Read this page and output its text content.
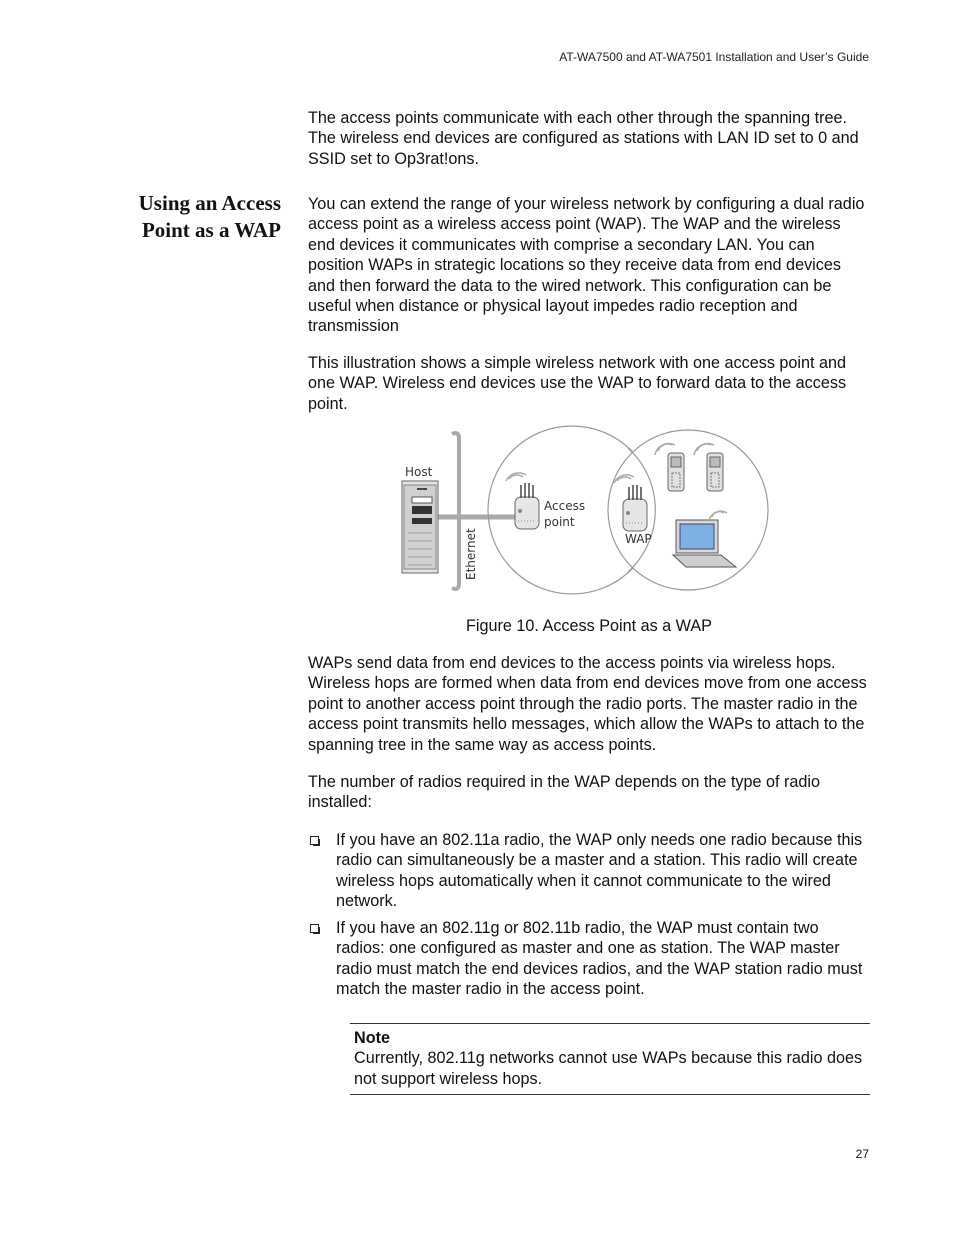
AT-WA7500 and AT-WA7501 Installation and User’s Guide

The access points communicate with each other through the spanning tree. The wireless end devices are configured as stations with LAN ID set to 0 and SSID set to Op3rat!ons.

Using an Access Point as a WAP

You can extend the range of your wireless network by configuring a dual radio access point as a wireless access point (WAP). The WAP and the wireless end devices it communicates with comprise a secondary LAN. You can position WAPs in strategic locations so they receive data from end devices and then forward the data to the wired network. This configuration can be useful when distance or physical layout impedes radio reception and transmission

This illustration shows a simple wireless network with one access point and one WAP. Wireless end devices use the WAP to forward data to the access point.

Host
Ethernet
Access
point
WAP
Figure 10. Access Point as a WAP

WAPs send data from end devices to the access points via wireless hops. Wireless hops are formed when data from end devices move from one access point to another access point through the radio ports. The master radio in the access point transmits hello messages, which allow the WAPs to attach to the spanning tree in the same way as access points.

The number of radios required in the WAP depends on the type of radio installed:

If you have an 802.11a radio, the WAP only needs one radio because this radio can simultaneously be a master and a station. This radio will create wireless hops automatically when it cannot communicate to the wired network.
If you have an 802.11g or 802.11b radio, the WAP must contain two radios: one configured as master and one as station. The WAP master radio must match the end devices radios, and the WAP station radio must match the master radio in the access point.
Note
Currently, 802.11g networks cannot use WAPs because this radio does not support wireless hops.
27
